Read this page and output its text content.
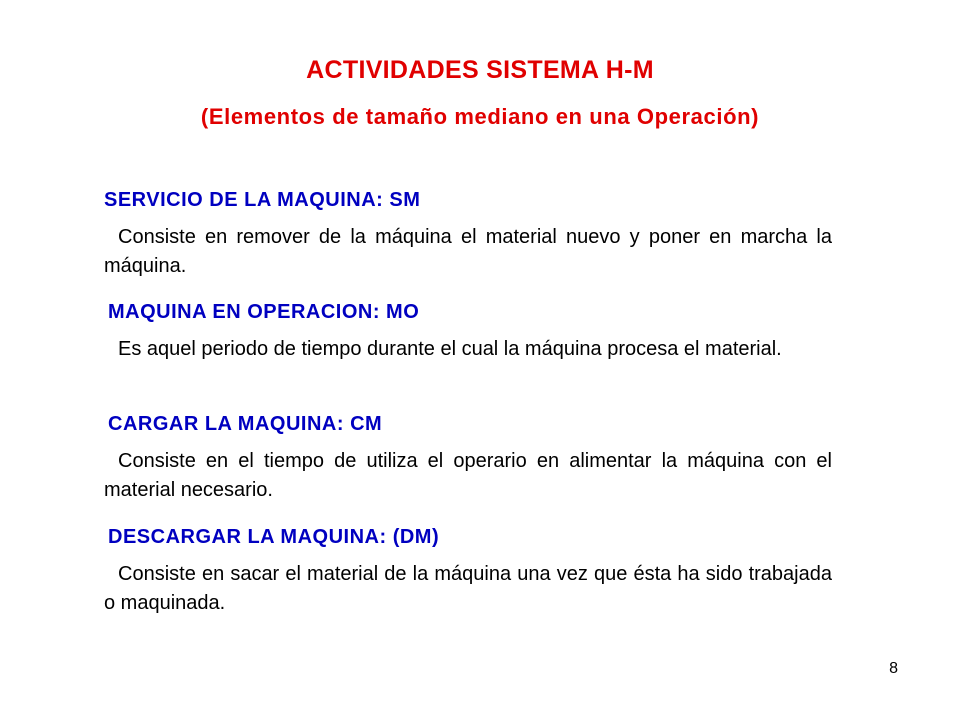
ACTIVIDADES SISTEMA H-M
(Elementos de tamaño mediano en una Operación)
SERVICIO DE LA MAQUINA: SM
Consiste en remover de la máquina el material nuevo y poner en marcha la máquina.
MAQUINA EN OPERACION: MO
Es aquel periodo de tiempo durante el cual la máquina procesa el material.
CARGAR LA MAQUINA: CM
Consiste en el tiempo de utiliza el operario en alimentar la máquina con el material necesario.
DESCARGAR LA MAQUINA: (DM)
Consiste en sacar el material de la máquina una vez que ésta ha sido trabajada o maquinada.
8
